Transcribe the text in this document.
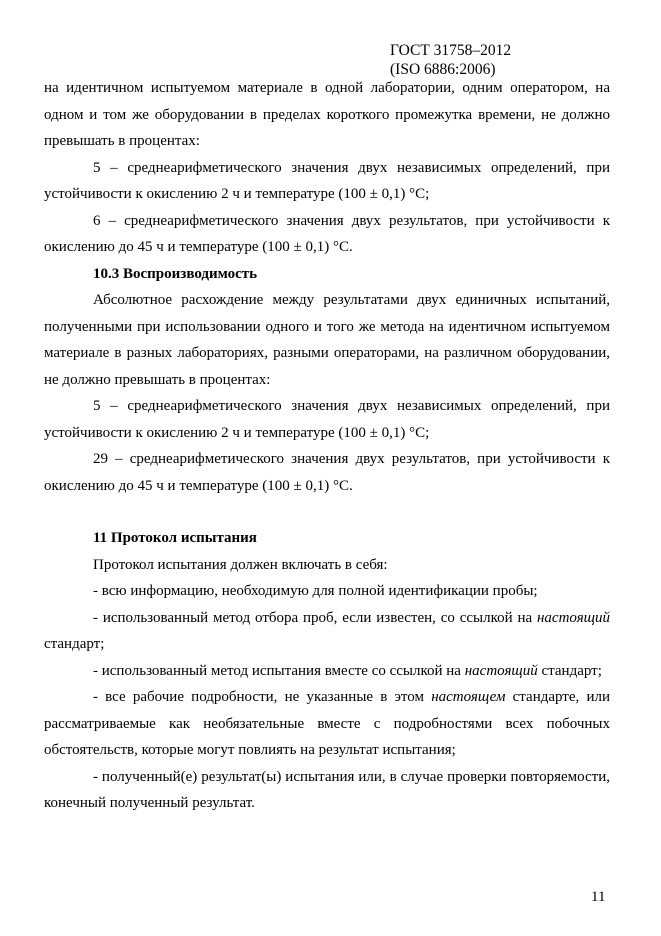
ГОСТ 31758–2012
(ISO 6886:2006)

на идентичном испытуемом материале в одной лаборатории, одним оператором, на одном и том же оборудовании в пределах короткого промежутка времени, не должно превышать в процентах:

5 – среднеарифметического значения двух независимых определений, при устойчивости к окислению 2 ч и температуре (100 ± 0,1) °С;

6 – среднеарифметического значения двух результатов, при устойчивости к окислению до 45 ч и температуре (100 ± 0,1) °С.

10.3 Воспроизводимость

Абсолютное расхождение между результатами двух единичных испытаний, полученными при использовании одного и того же метода на идентичном испытуемом материале в разных лабораториях, разными операторами, на различном оборудовании, не должно превышать в процентах:

5 – среднеарифметического значения двух независимых определений, при устойчивости к окислению 2 ч и температуре (100 ± 0,1) °С;

29 – среднеарифметического значения двух результатов, при устойчивости к окислению до 45 ч и температуре (100 ± 0,1) °С.

11 Протокол испытания

Протокол испытания должен включать в себя:

- всю информацию, необходимую для полной идентификации пробы;

- использованный метод отбора проб, если известен, со ссылкой на настоящий стандарт;

- использованный метод испытания вместе со ссылкой на настоящий стандарт;

- все рабочие подробности, не указанные в этом настоящем стандарте, или рассматриваемые как необязательные вместе с подробностями всех побочных обстоятельств, которые могут повлиять на результат испытания;

- полученный(е) результат(ы) испытания или, в случае проверки повторяемости, конечный полученный результат.

11
